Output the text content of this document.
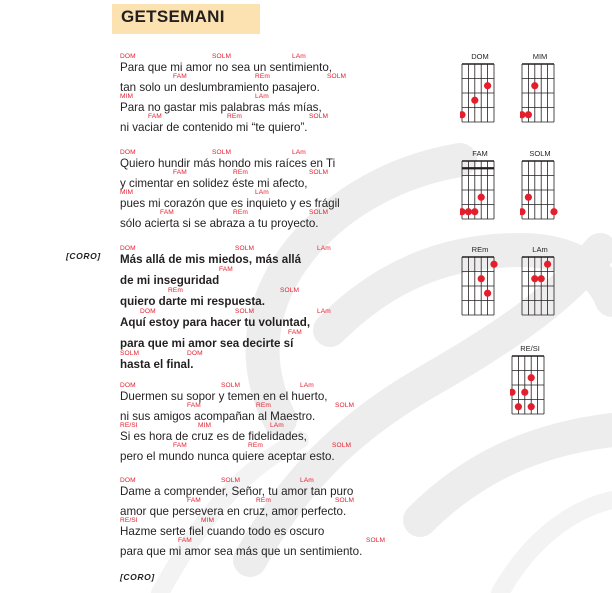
GETSEMANI
DOM	SOLM	LAm
Para que mi amor no sea un sentimiento,
FAM	REm	SOLM
tan solo un deslumbramiento pasajero.
MIM	LAm
Para no gastar mis palabras más mías,
FAM	REm	SOLM
ni vaciar de contenido mi “te quiero”.
DOM	SOLM	LAm
Quiero hundir más hondo mis raíces en Ti
FAM	REm	SOLM
y cimentar en solidez éste mi afecto,
MIM	LAm
pues mi corazón que es inquieto y es frágil
FAM	REm	SOLM
sólo acierta si se abraza a tu proyecto.
DOM	SOLM	LAm
Más allá de mis miedos, más allá
FAM
de mi inseguridad
REm	SOLM
quiero darte mi respuesta.
DOM	SOLM	LAm
Aquí estoy para hacer tu voluntad,
FAM
para que mi amor sea decirte sí
SOLM	DOM
hasta el final.
DOM	SOLM	LAm
Duermen su sopor y temen en el huerto,
FAM	REm	SOLM
ni sus amigos acompañan al Maestro.
RE/SI	MIM	LAm
Si es hora de cruz es de fidelidades,
FAM	REm	SOLM
pero el mundo nunca quiere aceptar esto.
DOM	SOLM	LAm
Dame a comprender, Señor, tu amor tan puro
FAM	REm	SOLM
amor que persevera en cruz, amor perfecto.
RE/SI	MIM
Hazme serte fiel cuando todo es oscuro
FAM	SOLM
para que mi amor sea más que un sentimiento.
[CORO]
[CORO]
DOM	MIM
FAM	SOLM
REm	LAm
RE/SI
